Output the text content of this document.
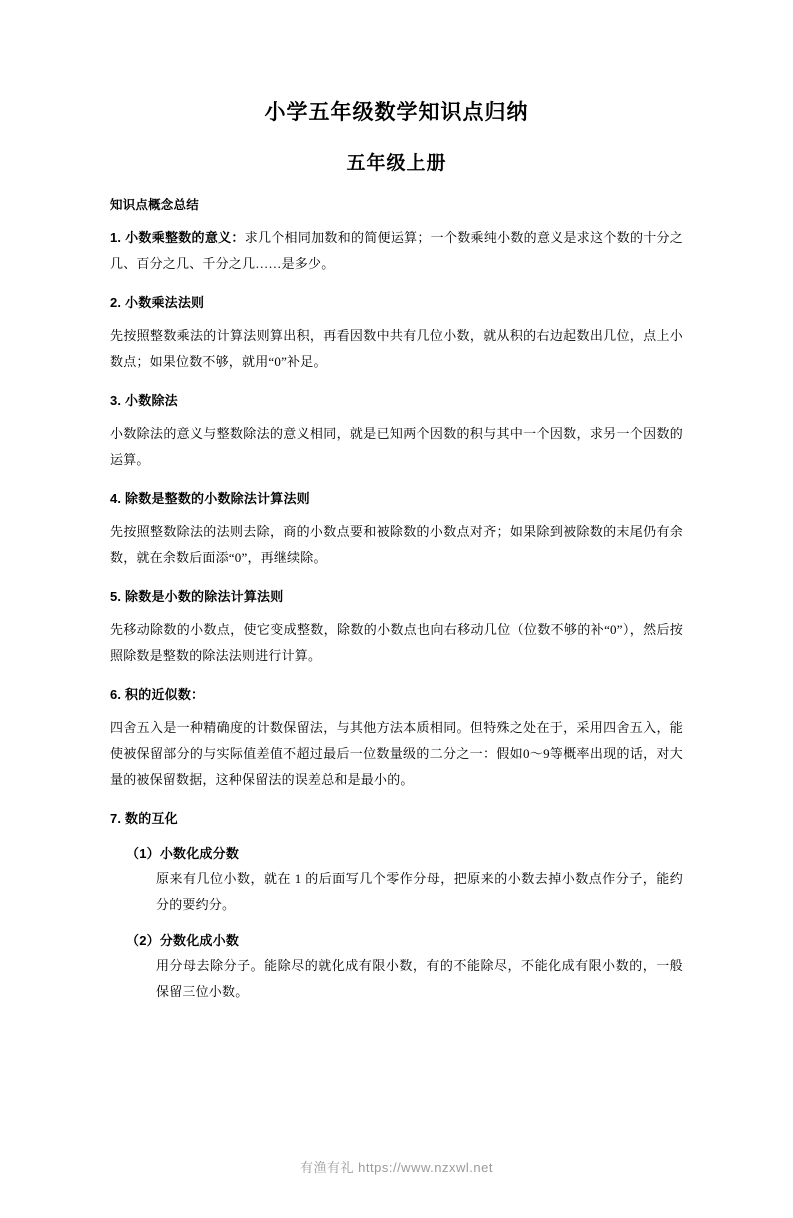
小学五年级数学知识点归纳
五年级上册
知识点概念总结
1. 小数乘整数的意义：求几个相同加数和的简便运算；一个数乘纯小数的意义是求这个数的十分之几、百分之几、千分之几……是多少。
2. 小数乘法法则
先按照整数乘法的计算法则算出积，再看因数中共有几位小数，就从积的右边起数出几位，点上小数点；如果位数不够，就用“0”补足。
3. 小数除法
小数除法的意义与整数除法的意义相同，就是已知两个因数的积与其中一个因数，求另一个因数的运算。
4. 除数是整数的小数除法计算法则
先按照整数除法的法则去除，商的小数点要和被除数的小数点对齐；如果除到被除数的末尾仍有余数，就在余数后面添“0”，再继续除。
5. 除数是小数的除法计算法则
先移动除数的小数点，使它变成整数，除数的小数点也向右移动几位（位数不够的补“0”），然后按照除数是整数的除法法则进行计算。
6. 积的近似数：
四舍五入是一种精确度的计数保留法，与其他方法本质相同。但特殊之处在于，采用四舍五入，能使被保留部分的与实际值差值不超过最后一位数量级的二分之一：假如0～9等概率出现的话，对大量的被保留数据，这种保留法的误差总和是最小的。
7. 数的互化
（1）小数化成分数
原来有几位小数，就在 1 的后面写几个零作分母，把原来的小数去掉小数点作分子，能约分的要约分。
（2）分数化成小数
用分母去除分子。能除尽的就化成有限小数，有的不能除尽，不能化成有限小数的，一般保留三位小数。
有渔有礼 https://www.nzxwl.net
